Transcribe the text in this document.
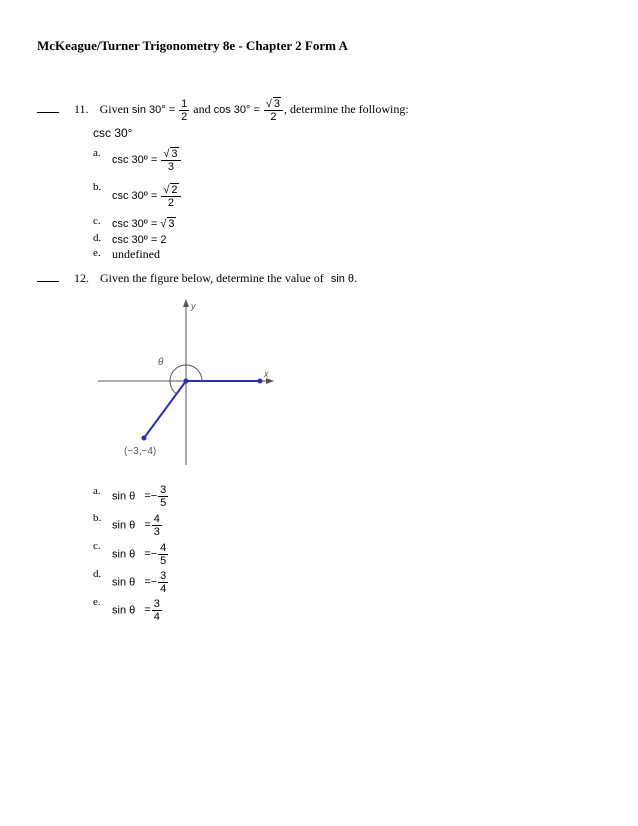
McKeague/Turner Trigonometry 8e - Chapter 2 Form A
11. Given $\sin 30^\circ = \frac{1}{2}$ and $\cos 30^\circ = \frac{√ 3}{2}$ , determine the following:
csc 30°
a.
csc 30º = $\frac{√ 3}{3}$
b.
csc 30º = $\frac{√ 2}{2}$
c. csc 30º = √ 3
d. csc 30º = 2
e. undefined
12. Given the figure below, determine the value of sin θ.
y
x
θ
(−3,−4)
a. $\sin \theta =- \frac{3}{5}$
b.
$\sin \theta = \frac{4}{3}$
c.
$\sin \theta =- \frac{4}{5}$
d.
$\sin \theta =- \frac{3}{4}$
e.
$\sin \theta = \frac{3}{4}$
